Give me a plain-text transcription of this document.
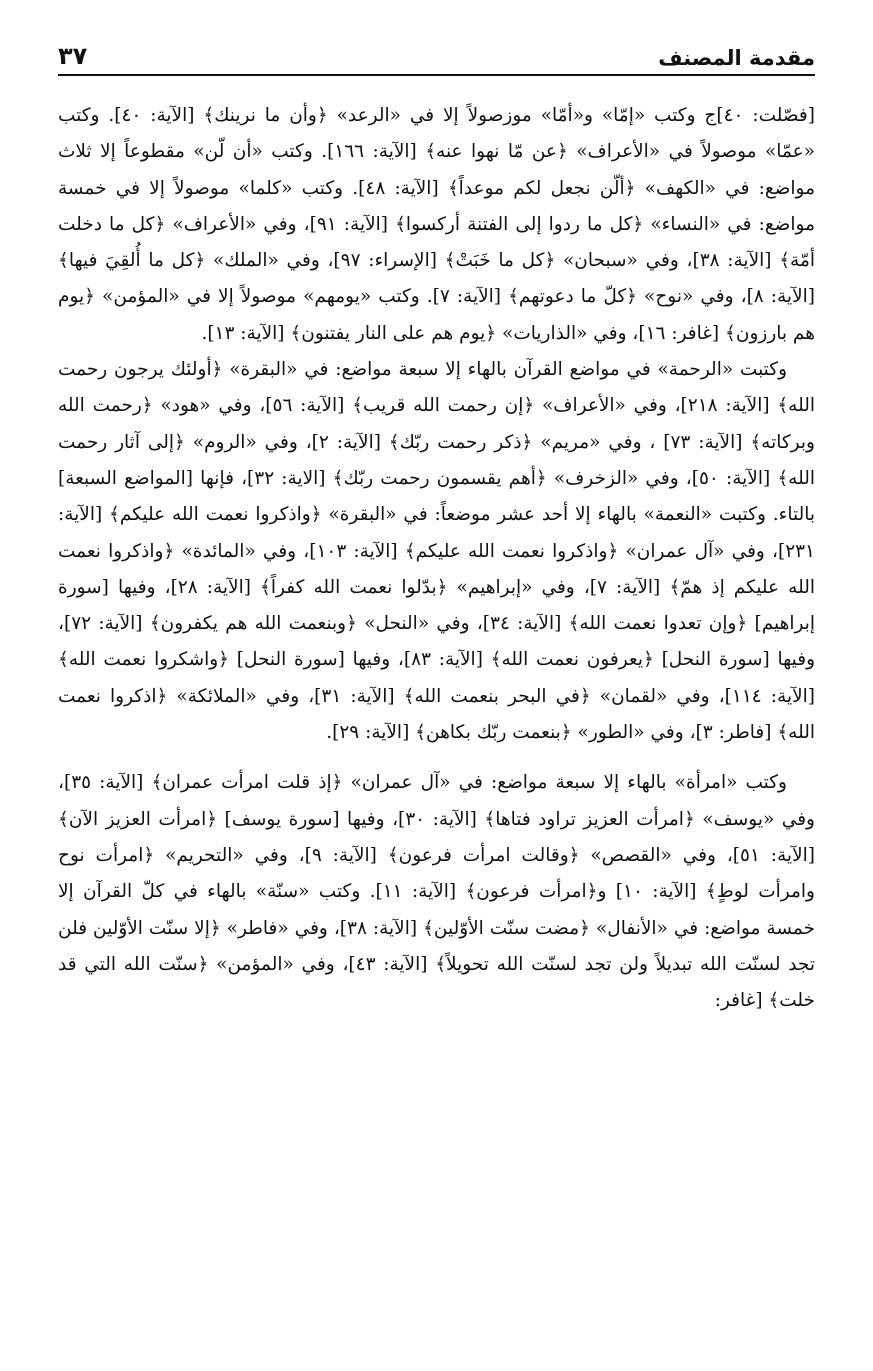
مقدمة المصنف
٣٧

[فصّلت: ٤٠]ج وكتب «إمّا» و«أمّا» موزصولاً إلا في «الرعد» ﴿وأن ما نرينك﴾ [الآية: ٤٠]. وكتب «عمّا» موصولاً في «الأعراف» ﴿عن مّا نهوا عنه﴾ [الآية: ١٦٦]. وكتب «أن لّن» مقطوعاً إلا ثلاث مواضع: في «الكهف» ﴿ألّن نجعل لكم موعداً﴾ [الآية: ٤٨]. وكتب «كلما» موصولاً إلا في خمسة مواضع: في «النساء» ﴿كل ما ردوا إلى الفتنة أركسوا﴾ [الآية: ٩١]، وفي «الأعراف» ﴿كل ما دخلت أمّة﴾ [الآية: ٣٨]، وفي «سبحان» ﴿كل ما خَبَتْ﴾ [الإسراء: ٩٧]، وفي «الملك» ﴿كل ما أُلقِيَ فيها﴾ [الآية: ٨]، وفي «نوح» ﴿كلّ ما دعوتهم﴾ [الآية: ٧]. وكتب «يومهم» موصولاً إلا في «المؤمن» ﴿يوم هم بارزون﴾ [غافر: ١٦]، وفي «الذاريات» ﴿يوم هم على النار يفتنون﴾ [الآية: ١٣].

وكتبت «الرحمة» في مواضع القرآن بالهاء إلا سبعة مواضع: في «البقرة» ﴿أولئك يرجون رحمت الله﴾ [الآية: ٢١٨]، وفي «الأعراف» ﴿إن رحمت الله قريب﴾ [الآية: ٥٦]، وفي «هود» ﴿رحمت الله وبركاته﴾ [الآية: ٧٣] ، وفي «مريم» ﴿ذكر رحمت ربّك﴾ [الآية: ٢]، وفي «الروم» ﴿إلى آثار رحمت الله﴾ [الآية: ٥٠]، وفي «الزخرف» ﴿أهم يقسمون رحمت ربّك﴾ [الاية: ٣٢]، فإنها [المواضع السبعة] بالتاء. وكتبت «النعمة» بالهاء إلا أحد عشر موضعاً: في «البقرة» ﴿واذكروا نعمت الله عليكم﴾ [الآية: ٢٣١]، وفي «آل عمران» ﴿واذكروا نعمت الله عليكم﴾ [الآية: ١٠٣]، وفي «المائدة» ﴿واذكروا نعمت الله عليكم إذ همّ﴾ [الآية: ٧]، وفي «إبراهيم» ﴿بدّلوا نعمت الله كفراً﴾ [الآية: ٢٨]، وفيها [سورة إبراهيم] ﴿وإن تعدوا نعمت الله﴾ [الآية: ٣٤]، وفي «النحل» ﴿وبنعمت الله هم يكفرون﴾ [الآية: ٧٢]، وفيها [سورة النحل] ﴿يعرفون نعمت الله﴾ [الآية: ٨٣]، وفيها [سورة النحل] ﴿واشكروا نعمت الله﴾ [الآية: ١١٤]، وفي «لقمان» ﴿في البحر بنعمت الله﴾ [الآية: ٣١]، وفي «الملائكة» ﴿اذكروا نعمت الله﴾ [فاطر: ٣]، وفي «الطور» ﴿بنعمت ربّك بكاهن﴾ [الآية: ٢٩].

وكتب «امرأة» بالهاء إلا سبعة مواضع: في «آل عمران» ﴿إذ قلت امرأت عمران﴾ [الآية: ٣٥]، وفي «يوسف» ﴿امرأت العزيز تراود فتاها﴾ [الآية: ٣٠]، وفيها [سورة يوسف] ﴿امرأت العزيز الآن﴾ [الآية: ٥١]، وفي «القصص» ﴿وقالت امرأت فرعون﴾ [الآية: ٩]، وفي «التحريم» ﴿امرأت نوح وامرأت لوطٍ﴾ [الآية: ١٠] و﴿امرأت فرعون﴾ [الآية: ١١]. وكتب «سنّة» بالهاء في كلّ القرآن إلا خمسة مواضع: في «الأنفال» ﴿مضت سنّت الأوّلين﴾ [الآية: ٣٨]، وفي «فاطر» ﴿إلا سنّت الأوّلين فلن تجد لسنّت الله تبديلاً ولن تجد لسنّت الله تحويلاً﴾ [الآية: ٤٣]، وفي «المؤمن» ﴿سنّت الله التي قد خلت﴾ [غافر:
